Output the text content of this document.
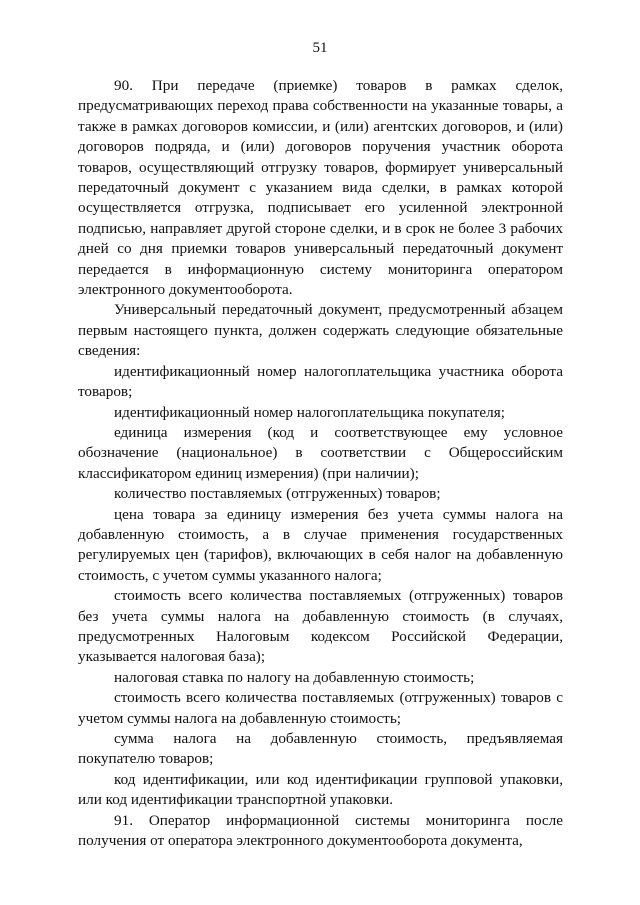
51

90. При передаче (приемке) товаров в рамках сделок, предусматривающих переход права собственности на указанные товары, а также в рамках договоров комиссии, и (или) агентских договоров, и (или) договоров подряда, и (или) договоров поручения участник оборота товаров, осуществляющий отгрузку товаров, формирует универсальный передаточный документ с указанием вида сделки, в рамках которой осуществляется отгрузка, подписывает его усиленной электронной подписью, направляет другой стороне сделки, и в срок не более 3 рабочих дней со дня приемки товаров универсальный передаточный документ передается в информационную систему мониторинга оператором электронного документооборота.

Универсальный передаточный документ, предусмотренный абзацем первым настоящего пункта, должен содержать следующие обязательные сведения:

идентификационный номер налогоплательщика участника оборота товаров;

идентификационный номер налогоплательщика покупателя;

единица измерения (код и соответствующее ему условное обозначение (национальное) в соответствии с Общероссийским классификатором единиц измерения) (при наличии);

количество поставляемых (отгруженных) товаров;

цена товара за единицу измерения без учета суммы налога на добавленную стоимость, а в случае применения государственных регулируемых цен (тарифов), включающих в себя налог на добавленную стоимость, с учетом суммы указанного налога;

стоимость всего количества поставляемых (отгруженных) товаров без учета суммы налога на добавленную стоимость (в случаях, предусмотренных Налоговым кодексом Российской Федерации, указывается налоговая база);

налоговая ставка по налогу на добавленную стоимость;

стоимость всего количества поставляемых (отгруженных) товаров с учетом суммы налога на добавленную стоимость;

сумма налога на добавленную стоимость, предъявляемая покупателю товаров;

код идентификации, или код идентификации групповой упаковки, или код идентификации транспортной упаковки.

91. Оператор информационной системы мониторинга после получения от оператора электронного документооборота документа,
